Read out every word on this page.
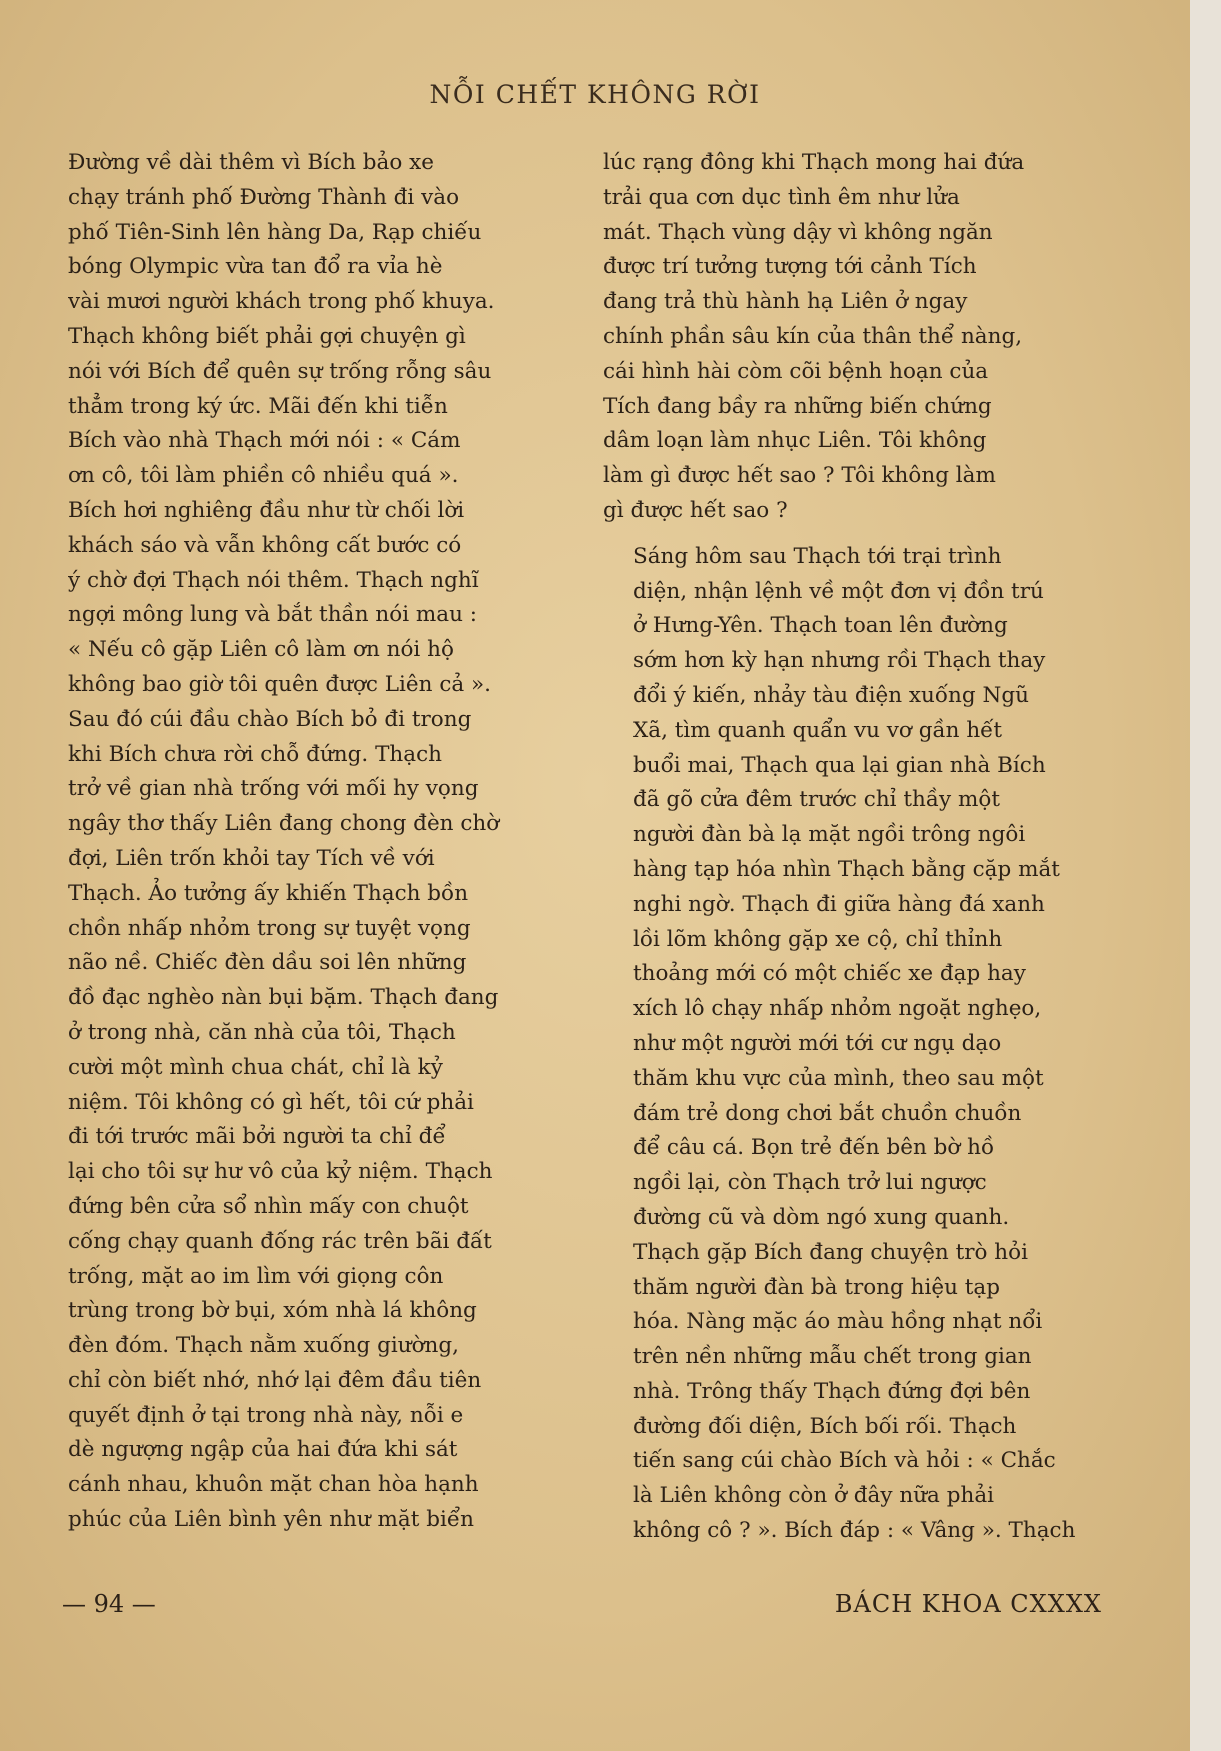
NỖI CHẾT KHÔNG RỜI

Đường về dài thêm vì Bích bảo xe
chạy tránh phố Đường Thành đi vào
phố Tiên-Sinh lên hàng Da, Rạp chiếu
bóng Olympic vừa tan đổ ra vỉa hè
vài mươi người khách trong phố khuya.
Thạch không biết phải gợi chuyện gì
nói với Bích để quên sự trống rỗng sâu
thẳm trong ký ức. Mãi đến khi tiễn
Bích vào nhà Thạch mới nói : « Cám
ơn cô, tôi làm phiền cô nhiều quá ».
Bích hơi nghiêng đầu như từ chối lời
khách sáo và vẫn không cất bước có
ý chờ đợi Thạch nói thêm. Thạch nghĩ
ngợi mông lung và bắt thần nói mau :
« Nếu cô gặp Liên cô làm ơn nói hộ
không bao giờ tôi quên được Liên cả ».
Sau đó cúi đầu chào Bích bỏ đi trong
khi Bích chưa rời chỗ đứng. Thạch
trở về gian nhà trống với mối hy vọng
ngây thơ thấy Liên đang chong đèn chờ
đợi, Liên trốn khỏi tay Tích về với
Thạch. Ảo tưởng ấy khiến Thạch bồn
chồn nhấp nhỏm trong sự tuyệt vọng
não nề. Chiếc đèn dầu soi lên những
đồ đạc nghèo nàn bụi bặm. Thạch đang
ở trong nhà, căn nhà của tôi, Thạch
cười một mình chua chát, chỉ là kỷ
niệm. Tôi không có gì hết, tôi cứ phải
đi tới trước mãi bởi người ta chỉ để
lại cho tôi sự hư vô của kỷ niệm. Thạch
đứng bên cửa sổ nhìn mấy con chuột
cống chạy quanh đống rác trên bãi đất
trống, mặt ao im lìm với giọng côn
trùng trong bờ bụi, xóm nhà lá không
đèn đóm. Thạch nằm xuống giường,
chỉ còn biết nhớ, nhớ lại đêm đầu tiên
quyết định ở tại trong nhà này, nỗi e
dè ngượng ngập của hai đứa khi sát
cánh nhau, khuôn mặt chan hòa hạnh
phúc của Liên bình yên như mặt biển

lúc rạng đông khi Thạch mong hai đứa
trải qua cơn dục tình êm như lửa
mát. Thạch vùng dậy vì không ngăn
được trí tưởng tượng tới cảnh Tích
đang trả thù hành hạ Liên ở ngay
chính phần sâu kín của thân thể nàng,
cái hình hài còm cõi bệnh hoạn của
Tích đang bầy ra những biến chứng
dâm loạn làm nhục Liên. Tôi không
làm gì được hết sao ? Tôi không làm
gì được hết sao ?

Sáng hôm sau Thạch tới trại trình
diện, nhận lệnh về một đơn vị đồn trú
ở Hưng-Yên. Thạch toan lên đường
sớm hơn kỳ hạn nhưng rồi Thạch thay
đổi ý kiến, nhảy tàu điện xuống Ngũ
Xã, tìm quanh quẩn vu vơ gần hết
buổi mai, Thạch qua lại gian nhà Bích
đã gõ cửa đêm trước chỉ thầy một
người đàn bà lạ mặt ngồi trông ngôi
hàng tạp hóa nhìn Thạch bằng cặp mắt
nghi ngờ. Thạch đi giữa hàng đá xanh
lồi lõm không gặp xe cộ, chỉ thỉnh
thoảng mới có một chiếc xe đạp hay
xích lô chạy nhấp nhỏm ngoặt nghẹo,
như một người mới tới cư ngụ dạo
thăm khu vực của mình, theo sau một
đám trẻ dong chơi bắt chuồn chuồn
để câu cá. Bọn trẻ đến bên bờ hồ
ngồi lại, còn Thạch trở lui ngược
đường cũ và dòm ngó xung quanh.
Thạch gặp Bích đang chuyện trò hỏi
thăm người đàn bà trong hiệu tạp
hóa. Nàng mặc áo màu hồng nhạt nổi
trên nền những mẫu chết trong gian
nhà. Trông thấy Thạch đứng đợi bên
đường đối diện, Bích bối rối. Thạch
tiến sang cúi chào Bích và hỏi : « Chắc
là Liên không còn ở đây nữa phải
không cô ? ». Bích đáp : « Vâng ». Thạch

— 94 —	BÁCH KHOA CXXXX
